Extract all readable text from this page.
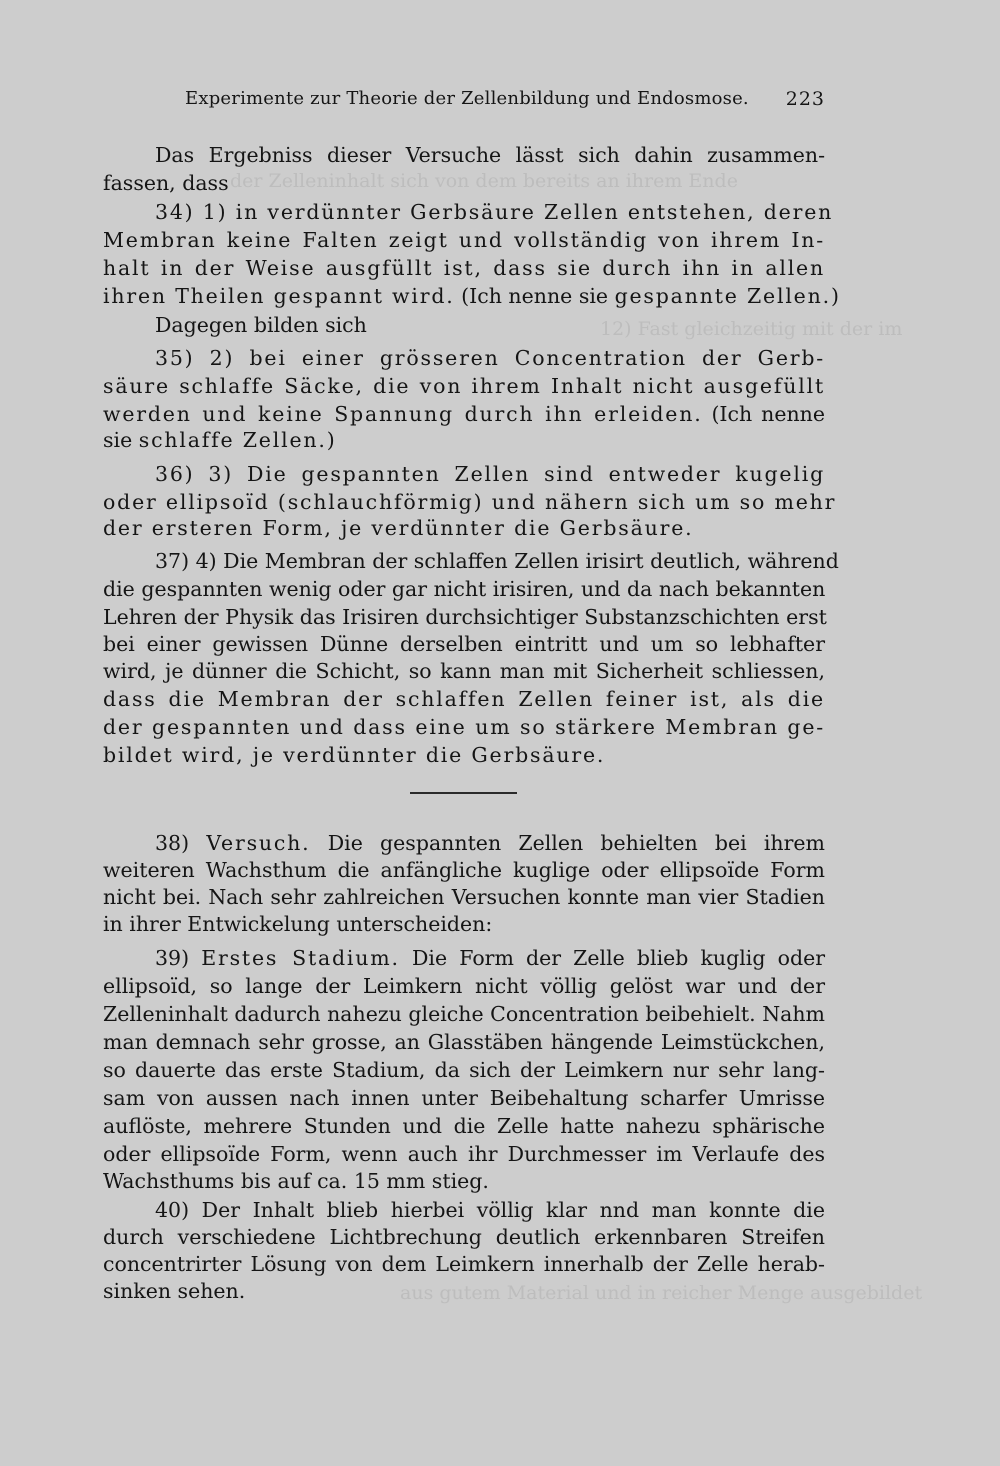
der Zelleninhalt sich von dem bereits an ihrem Ende
12) Fast gleichzeitig mit der im
aus gutem Material und in reicher Menge ausgebildet
Experimente zur Theorie der Zellenbildung und Endosmose. 223
Das Ergebniss dieser Versuche lässt sich dahin zusammen-
fassen, dass
34) 1) in verdünnter Gerbsäure Zellen entstehen, deren
Membran keine Falten zeigt und vollständig von ihrem In-
halt in der Weise ausgfüllt ist, dass sie durch ihn in allen
ihren Theilen gespannt wird. (Ich nenne sie gespannte Zellen.)
Dagegen bilden sich
35) 2) bei einer grösseren Concentration der Gerb-
säure schlaffe Säcke, die von ihrem Inhalt nicht ausgefüllt
werden und keine Spannung durch ihn erleiden. (Ich nenne
sie schlaffe Zellen.)
36) 3) Die gespannten Zellen sind entweder kugelig
oder ellipsoïd (schlauchförmig) und nähern sich um so mehr
der ersteren Form, je verdünnter die Gerbsäure.
37) 4) Die Membran der schlaffen Zellen irisirt deutlich, während
die gespannten wenig oder gar nicht irisiren, und da nach bekannten
Lehren der Physik das Irisiren durchsichtiger Substanzschichten erst
bei einer gewissen Dünne derselben eintritt und um so lebhafter
wird, je dünner die Schicht, so kann man mit Sicherheit schliessen,
dass die Membran der schlaffen Zellen feiner ist, als die
der gespannten und dass eine um so stärkere Membran ge-
bildet wird, je verdünnter die Gerbsäure.
38) Versuch. Die gespannten Zellen behielten bei ihrem
weiteren Wachsthum die anfängliche kuglige oder ellipsoïde Form
nicht bei. Nach sehr zahlreichen Versuchen konnte man vier Stadien
in ihrer Entwickelung unterscheiden:
39) Erstes Stadium. Die Form der Zelle blieb kuglig oder
ellipsoïd, so lange der Leimkern nicht völlig gelöst war und der
Zelleninhalt dadurch nahezu gleiche Concentration beibehielt. Nahm
man demnach sehr grosse, an Glasstäben hängende Leimstückchen,
so dauerte das erste Stadium, da sich der Leimkern nur sehr lang-
sam von aussen nach innen unter Beibehaltung scharfer Umrisse
auflöste, mehrere Stunden und die Zelle hatte nahezu sphärische
oder ellipsoïde Form, wenn auch ihr Durchmesser im Verlaufe des
Wachsthums bis auf ca. 15 mm stieg.
40) Der Inhalt blieb hierbei völlig klar nnd man konnte die
durch verschiedene Lichtbrechung deutlich erkennbaren Streifen
concentrirter Lösung von dem Leimkern innerhalb der Zelle herab-
sinken sehen.
